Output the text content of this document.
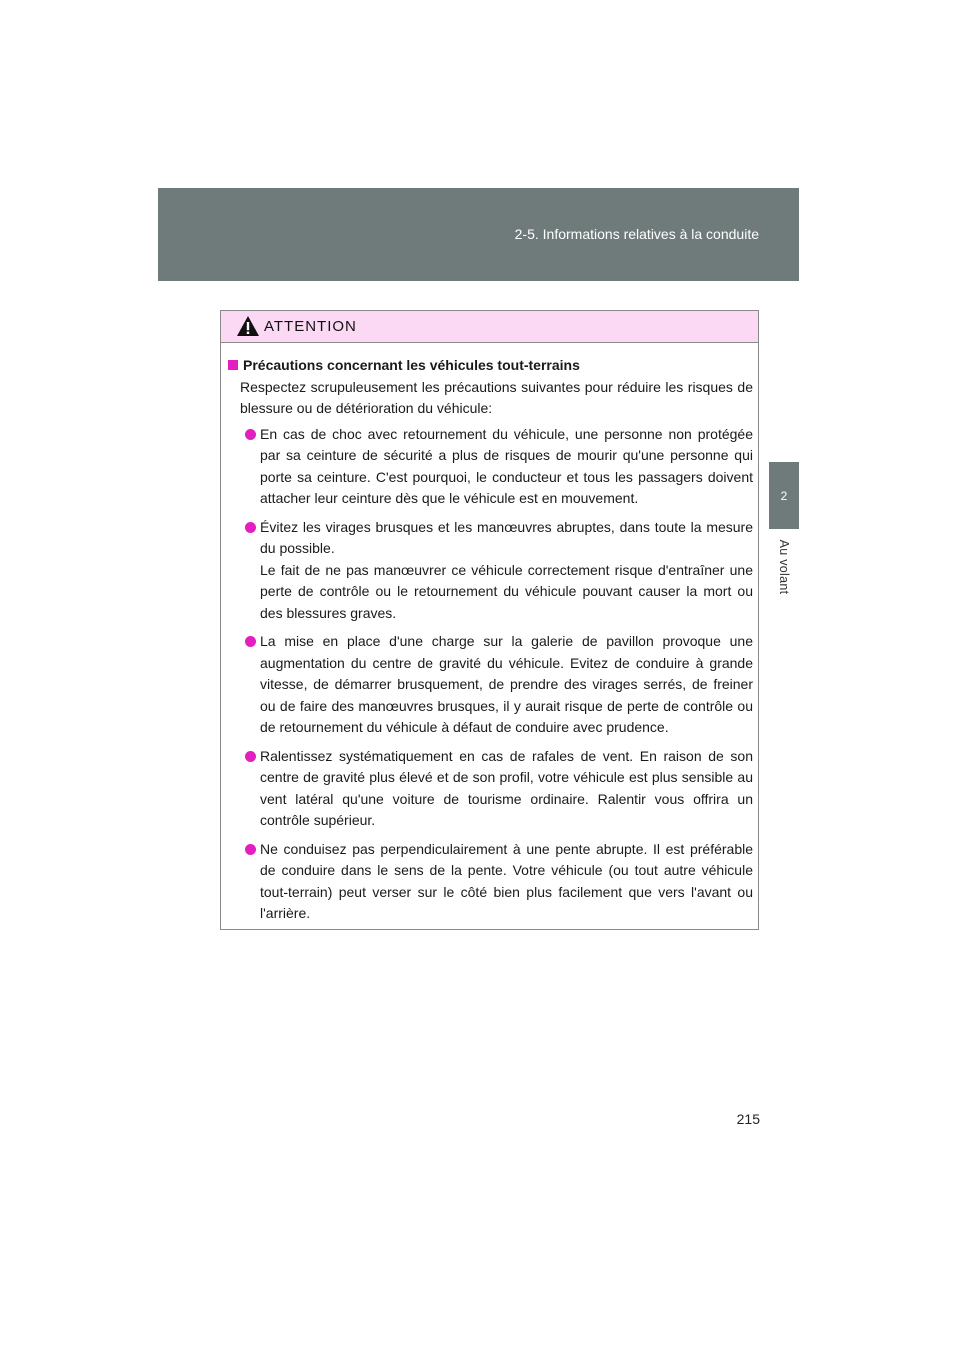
2-5. Informations relatives à la conduite
2
Au volant
ATTENTION
Précautions concernant les véhicules tout-terrains

Respectez scrupuleusement les précautions suivantes pour réduire les risques de blessure ou de détérioration du véhicule:

En cas de choc avec retournement du véhicule, une personne non protégée par sa ceinture de sécurité a plus de risques de mourir qu'une personne qui porte sa ceinture. C'est pourquoi, le conducteur et tous les passagers doivent attacher leur ceinture dès que le véhicule est en mouvement.
Évitez les virages brusques et les manœuvres abruptes, dans toute la mesure du possible.
Le fait de ne pas manœuvrer ce véhicule correctement risque d'entraîner une perte de contrôle ou le retournement du véhicule pouvant causer la mort ou des blessures graves.
La mise en place d'une charge sur la galerie de pavillon provoque une augmentation du centre de gravité du véhicule. Evitez de conduire à grande vitesse, de démarrer brusquement, de prendre des virages serrés, de freiner ou de faire des manœuvres brusques, il y aurait risque de perte de contrôle ou de retournement du véhicule à défaut de conduire avec prudence.
Ralentissez systématiquement en cas de rafales de vent. En raison de son centre de gravité plus élevé et de son profil, votre véhicule est plus sensible au vent latéral qu'une voiture de tourisme ordinaire. Ralentir vous offrira un contrôle supérieur.
Ne conduisez pas perpendiculairement à une pente abrupte. Il est préférable de conduire dans le sens de la pente. Votre véhicule (ou tout autre véhicule tout-terrain) peut verser sur le côté bien plus facilement que vers l'avant ou l'arrière.
215
